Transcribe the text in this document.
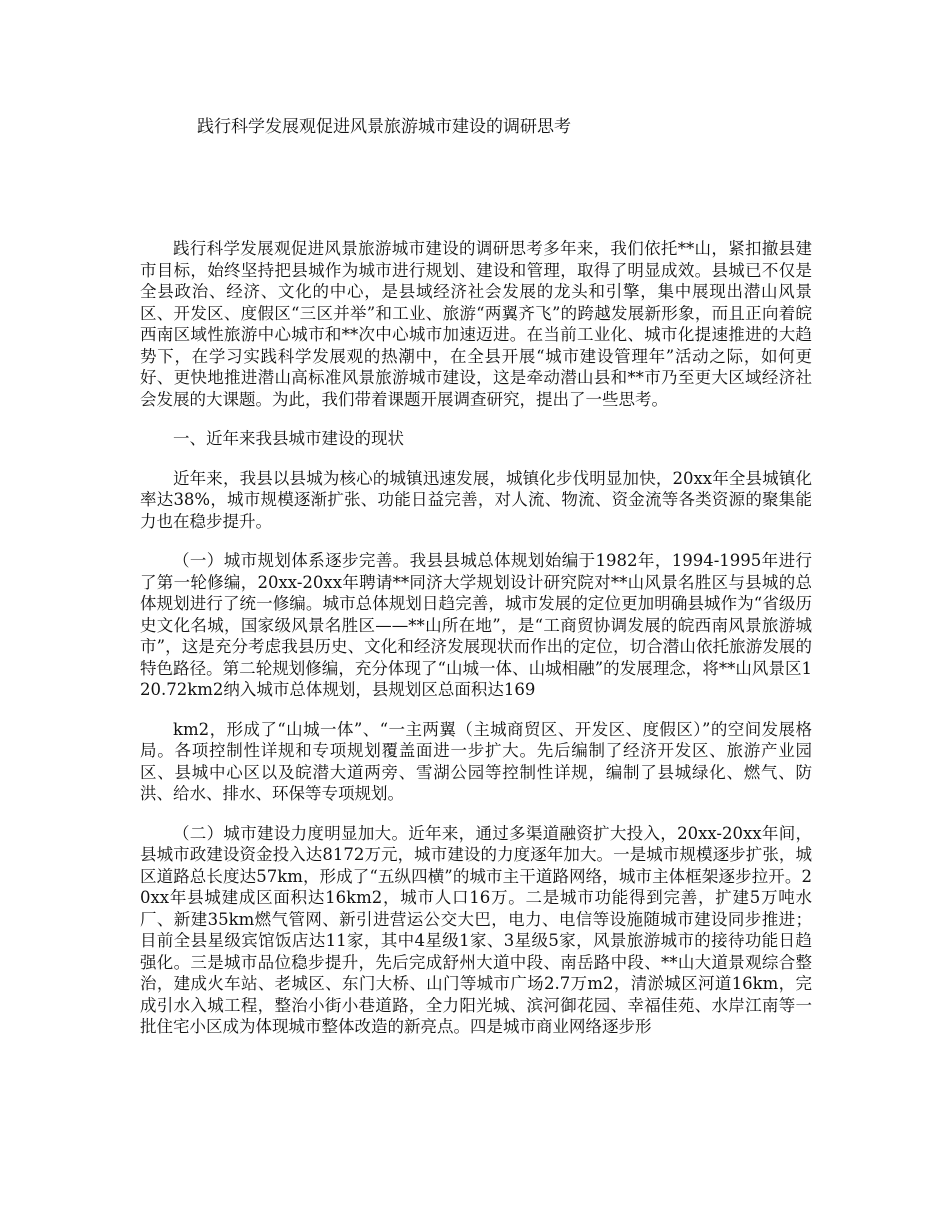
践行科学发展观促进风景旅游城市建设的调研思考

践行科学发展观促进风景旅游城市建设的调研思考多年来，我们依托**山，紧扣撤县建市目标，始终坚持把县城作为城市进行规划、建设和管理，取得了明显成效。县城已不仅是全县政治、经济、文化的中心，是县域经济社会发展的龙头和引擎，集中展现出潜山风景区、开发区、度假区“三区并举”和工业、旅游“两翼齐飞”的跨越发展新形象，而且正向着皖西南区域性旅游中心城市和**次中心城市加速迈进。在当前工业化、城市化提速推进的大趋势下，在学习实践科学发展观的热潮中，在全县开展“城市建设管理年”活动之际，如何更好、更快地推进潜山高标准风景旅游城市建设，这是牵动潜山县和**市乃至更大区域经济社会发展的大课题。为此，我们带着课题开展调查研究，提出了一些思考。

一、近年来我县城市建设的现状

近年来，我县以县城为核心的城镇迅速发展，城镇化步伐明显加快，20xx年全县城镇化率达38%，城市规模逐渐扩张、功能日益完善，对人流、物流、资金流等各类资源的聚集能力也在稳步提升。

（一）城市规划体系逐步完善。我县县城总体规划始编于1982年，1994-1995年进行了第一轮修编，20xx-20xx年聘请**同济大学规划设计研究院对**山风景名胜区与县城的总体规划进行了统一修编。城市总体规划日趋完善，城市发展的定位更加明确县城作为“省级历史文化名城，国家级风景名胜区——**山所在地”，是“工商贸协调发展的皖西南风景旅游城市”，这是充分考虑我县历史、文化和经济发展现状而作出的定位，切合潜山依托旅游发展的特色路径。第二轮规划修编，充分体现了“山城一体、山城相融”的发展理念，将**山风景区120.72km2纳入城市总体规划，县规划区总面积达169

km2，形成了“山城一体”、“一主两翼（主城商贸区、开发区、度假区）”的空间发展格局。各项控制性详规和专项规划覆盖面进一步扩大。先后编制了经济开发区、旅游产业园区、县城中心区以及皖潜大道两旁、雪湖公园等控制性详规，编制了县城绿化、燃气、防洪、给水、排水、环保等专项规划。

（二）城市建设力度明显加大。近年来，通过多渠道融资扩大投入，20xx-20xx年间，县城市政建设资金投入达8172万元，城市建设的力度逐年加大。一是城市规模逐步扩张，城区道路总长度达57km，形成了“五纵四横”的城市主干道路网络，城市主体框架逐步拉开。20xx年县城建成区面积达16km2，城市人口16万。二是城市功能得到完善，扩建5万吨水厂、新建35km燃气管网、新引进营运公交大巴，电力、电信等设施随城市建设同步推进；目前全县星级宾馆饭店达11家，其中4星级1家、3星级5家，风景旅游城市的接待功能日趋强化。三是城市品位稳步提升，先后完成舒州大道中段、南岳路中段、**山大道景观综合整治，建成火车站、老城区、东门大桥、山门等城市广场2.7万m2，清淤城区河道16km，完成引水入城工程，整治小街小巷道路，全力阳光城、滨河御花园、幸福佳苑、水岸江南等一批住宅小区成为体现城市整体改造的新亮点。四是城市商业网络逐步形
